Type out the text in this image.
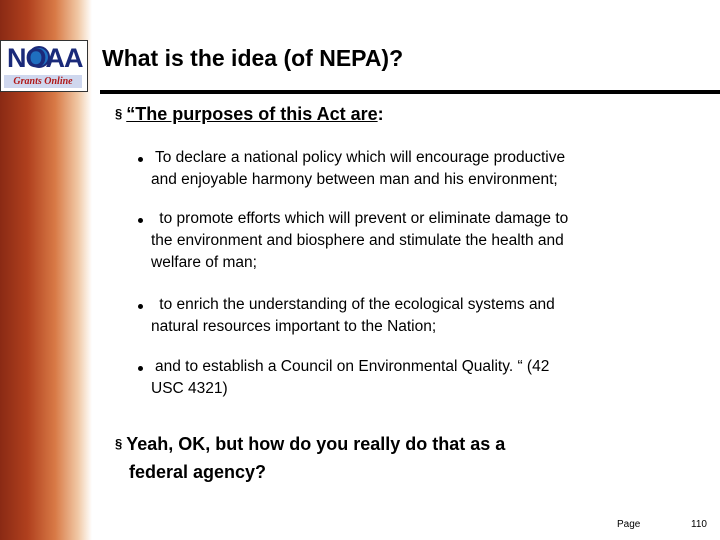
NOAA
Grants Online
What is the idea (of NEPA)?
§ “The purposes of this Act are:
To declare a national policy which will encourage productive
and enjoyable harmony between man and his environment;
to promote efforts which will prevent or eliminate damage to
the environment and biosphere and stimulate the health and
welfare of man;
to enrich the understanding of the ecological systems and
natural resources important to the Nation;
and to establish a Council on Environmental Quality. “ (42
USC 4321)
§ Yeah, OK, but how do you really do that as a
federal agency?
Page	110
